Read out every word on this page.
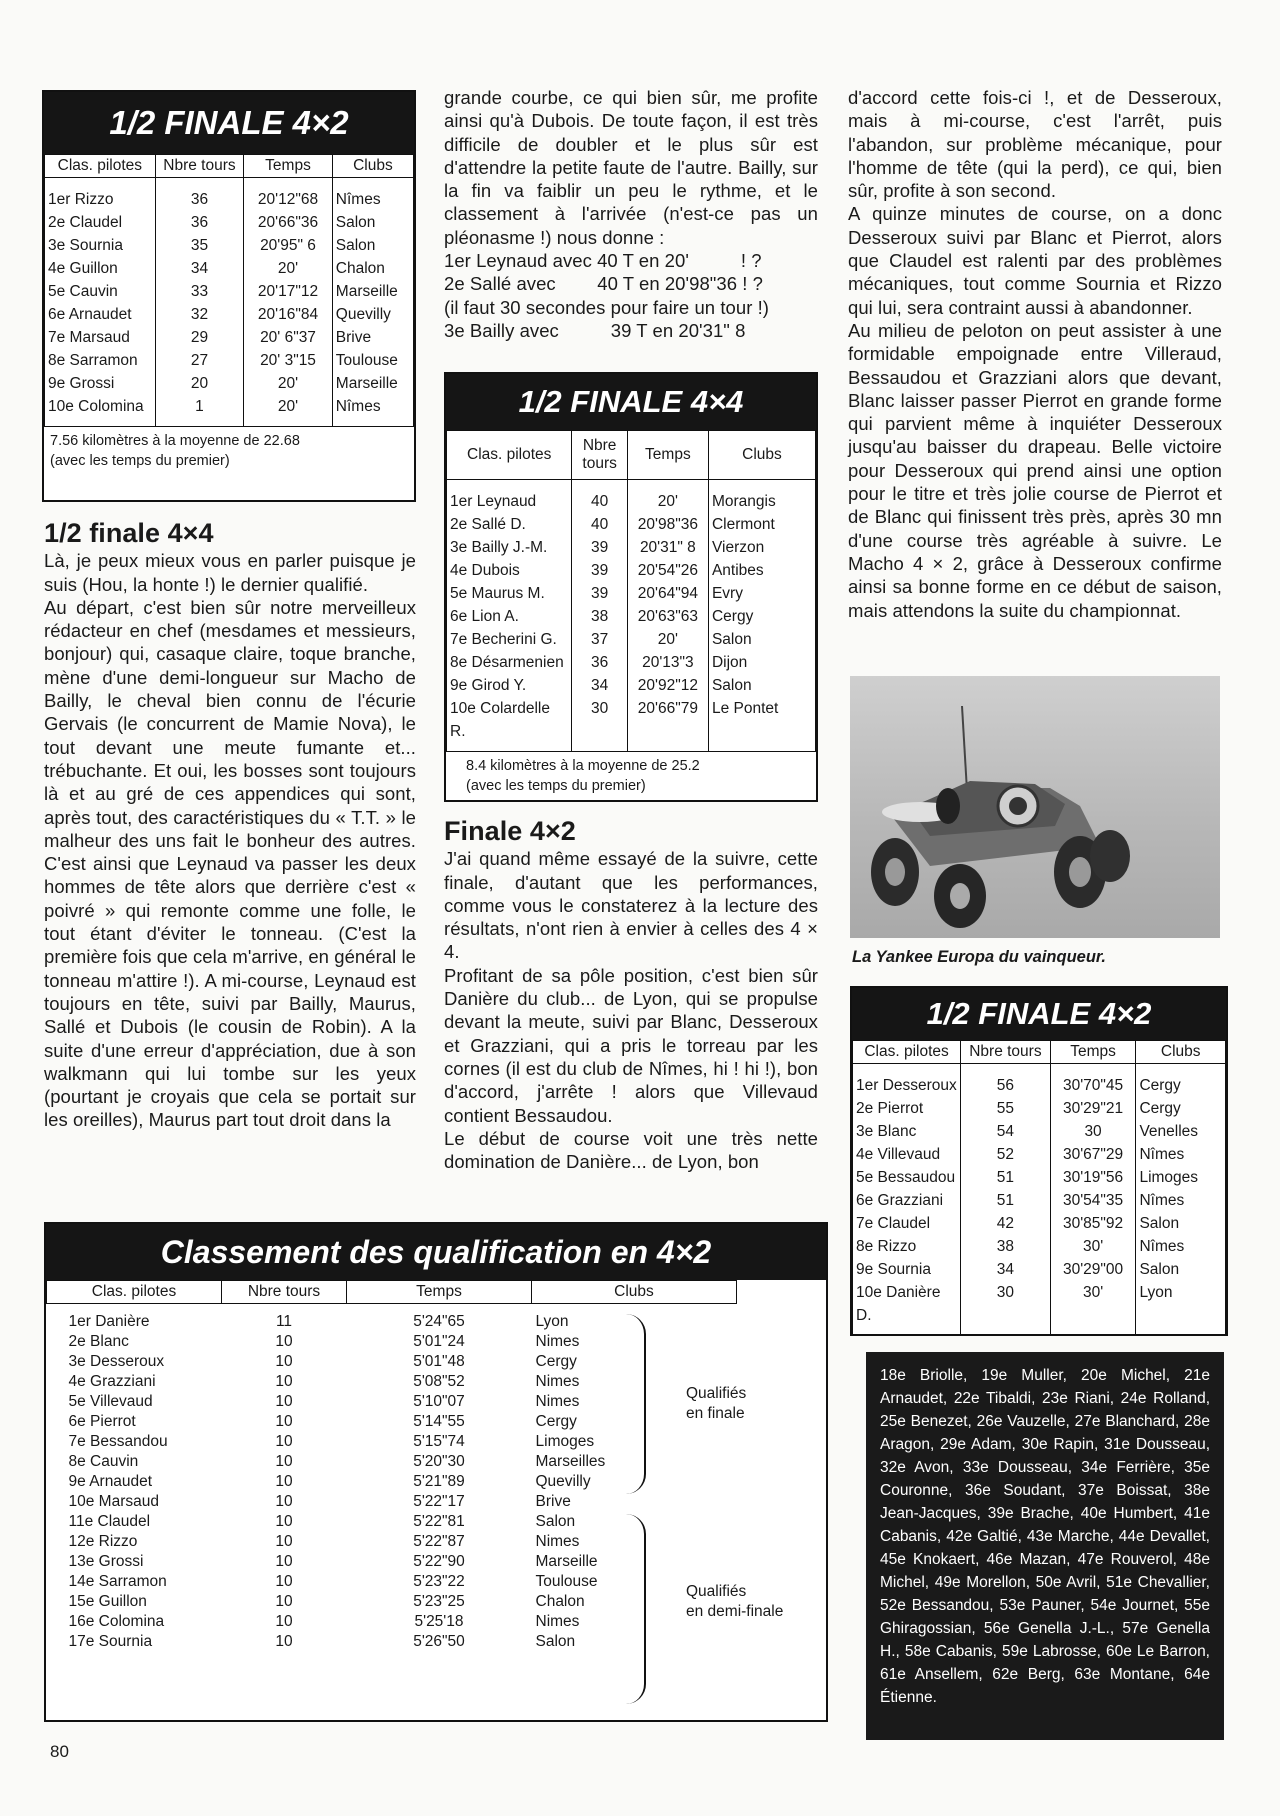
1/2 FINALE 4×2
Clas. pilotes	Nbre tours	Temps	Clubs
1er Rizzo	36	20'12"68	Nîmes
2e Claudel	36	20'66"36	Salon
3e Sournia	35	20'95" 6	Salon
4e Guillon	34	20'	Chalon
5e Cauvin	33	20'17"12	Marseille
6e Arnaudet	32	20'16"84	Quevilly
7e Marsaud	29	20' 6"37	Brive
8e Sarramon	27	20' 3"15	Toulouse
9e Grossi	20	20'	Marseille
10e Colomina	1	20'	Nîmes
7.56 kilomètres à la moyenne de 22.68
(avec les temps du premier)
1/2 finale 4×4

Là, je peux mieux vous en parler puisque je suis (Hou, la honte !) le dernier qualifié.

Au départ, c'est bien sûr notre merveilleux rédacteur en chef (mesdames et messieurs, bonjour) qui, casaque claire, toque branche, mène d'une demi-longueur sur Macho de Bailly, le cheval bien connu de l'écurie Gervais (le concurrent de Mamie Nova), le tout devant une meute fumante et... trébuchante. Et oui, les bosses sont toujours là et au gré de ces appendices qui sont, après tout, des caractéristiques du « T.T. » le malheur des uns fait le bonheur des autres. C'est ainsi que Leynaud va passer les deux hommes de tête alors que derrière c'est « poivré » qui remonte comme une folle, le tout étant d'éviter le tonneau. (C'est la première fois que cela m'arrive, en général le tonneau m'attire !). A mi-course, Leynaud est toujours en tête, suivi par Bailly, Maurus, Sallé et Dubois (le cousin de Robin). A la suite d'une erreur d'appréciation, due à son walkmann qui lui tombe sur les yeux (pourtant je croyais que cela se portait sur les oreilles), Maurus part tout droit dans la

grande courbe, ce qui bien sûr, me profite ainsi qu'à Dubois. De toute façon, il est très difficile de doubler et le plus sûr est d'attendre la petite faute de l'autre. Bailly, sur la fin va faiblir un peu le rythme, et le classement à l'arrivée (n'est-ce pas un pléonasme !) nous donne :

1er Leynaud avec 40 T en 20'          ! ?
2e Sallé avec        40 T en 20'98"36 ! ?
(il faut 30 secondes pour faire un tour !)
3e Bailly avec          39 T en 20'31" 8
1/2 FINALE 4×4
Clas. pilotes	Nbre tours	Temps	Clubs
1er Leynaud	40	20'	Morangis
2e Sallé D.	40	20'98"36	Clermont
3e Bailly J.-M.	39	20'31" 8	Vierzon
4e Dubois	39	20'54"26	Antibes
5e Maurus M.	39	20'64"94	Evry
6e Lion A.	38	20'63"63	Cergy
7e Becherini G.	37	20'	Salon
8e Désarmenien	36	20'13"3	Dijon
9e Girod Y.	34	20'92"12	Salon
10e Colardelle R.	30	20'66"79	Le Pontet
8.4 kilomètres à la moyenne de 25.2
(avec les temps du premier)
Finale 4×2

J'ai quand même essayé de la suivre, cette finale, d'autant que les performances, comme vous le constaterez à la lecture des résultats, n'ont rien à envier à celles des 4 × 4.

Profitant de sa pôle position, c'est bien sûr Danière du club... de Lyon, qui se propulse devant la meute, suivi par Blanc, Desseroux et Grazziani, qui a pris le torreau par les cornes (il est du club de Nîmes, hi ! hi !), bon d'accord, j'arrête ! alors que Villevaud contient Bessaudou.

Le début de course voit une très nette domination de Danière... de Lyon, bon

d'accord cette fois-ci !, et de Desseroux, mais à mi-course, c'est l'arrêt, puis l'abandon, sur problème mécanique, pour l'homme de tête (qui la perd), ce qui, bien sûr, profite à son second.

A quinze minutes de course, on a donc Desseroux suivi par Blanc et Pierrot, alors que Claudel est ralenti par des problèmes mécaniques, tout comme Sournia et Rizzo qui lui, sera contraint aussi à abandonner.

Au milieu de peloton on peut assister à une formidable empoignade entre Villeraud, Bessaudou et Grazziani alors que devant, Blanc laisser passer Pierrot en grande forme qui parvient même à inquiéter Desseroux jusqu'au baisser du drapeau. Belle victoire pour Desseroux qui prend ainsi une option pour le titre et très jolie course de Pierrot et de Blanc qui finissent très près, après 30 mn d'une course très agréable à suivre. Le Macho 4 × 2, grâce à Desseroux confirme ainsi sa bonne forme en ce début de saison, mais attendons la suite du championnat.

La Yankee Europa du vainqueur.
1/2 FINALE 4×2
Clas. pilotes	Nbre tours	Temps	Clubs
1er Desseroux	56	30'70"45	Cergy
2e Pierrot	55	30'29"21	Cergy
3e Blanc	54	30	Venelles
4e Villevaud	52	30'67"29	Nîmes
5e Bessaudou	51	30'19"56	Limoges
6e Grazziani	51	30'54"35	Nîmes
7e Claudel	42	30'85"92	Salon
8e Rizzo	38	30'	Nîmes
9e Sournia	34	30'29"00	Salon
10e Danière D.	30	30'	Lyon
18e Briolle, 19e Muller, 20e Michel, 21e Arnaudet, 22e Tibaldi, 23e Riani, 24e Rolland, 25e Benezet, 26e Vauzelle, 27e Blanchard, 28e Aragon, 29e Adam, 30e Rapin, 31e Dousseau, 32e Avon, 33e Dousseau, 34e Ferrière, 35e Couronne, 36e Soudant, 37e Boissat, 38e Jean-Jacques, 39e Brache, 40e Humbert, 41e Cabanis, 42e Galtié, 43e Marche, 44e Devallet, 45e Knokaert, 46e Mazan, 47e Rouverol, 48e Michel, 49e Morellon, 50e Avril, 51e Chevallier, 52e Bessandou, 53e Pauner, 54e Journet, 55e Ghiragossian, 56e Genella J.-L., 57e Genella H., 58e Cabanis, 59e Labrosse, 60e Le Barron, 61e Ansellem, 62e Berg, 63e Montane, 64e Étienne.
Classement des qualification en 4×2
Clas. pilotes	Nbre tours	Temps	Clubs	
1er Danière	11	5'24"65	Lyon	
2e Blanc	10	5'01"24	Nimes	
3e Desseroux	10	5'01"48	Cergy	
4e Grazziani	10	5'08"52	Nimes	
5e Villevaud	10	5'10"07	Nimes	
6e Pierrot	10	5'14"55	Cergy	
7e Bessandou	10	5'15"74	Limoges	
8e Cauvin	10	5'20"30	Marseilles	
9e Arnaudet	10	5'21"89	Quevilly	
10e Marsaud	10	5'22"17	Brive	
11e Claudel	10	5'22"81	Salon	
12e Rizzo	10	5'22"87	Nimes	
13e Grossi	10	5'22"90	Marseille	
14e Sarramon	10	5'23"22	Toulouse	
15e Guillon	10	5'23"25	Chalon	
16e Colomina	10	5'25'18	Nimes	
17e Sournia	10	5'26"50	Salon	
Qualifiés
en finale
Qualifiés
en demi-finale
80
